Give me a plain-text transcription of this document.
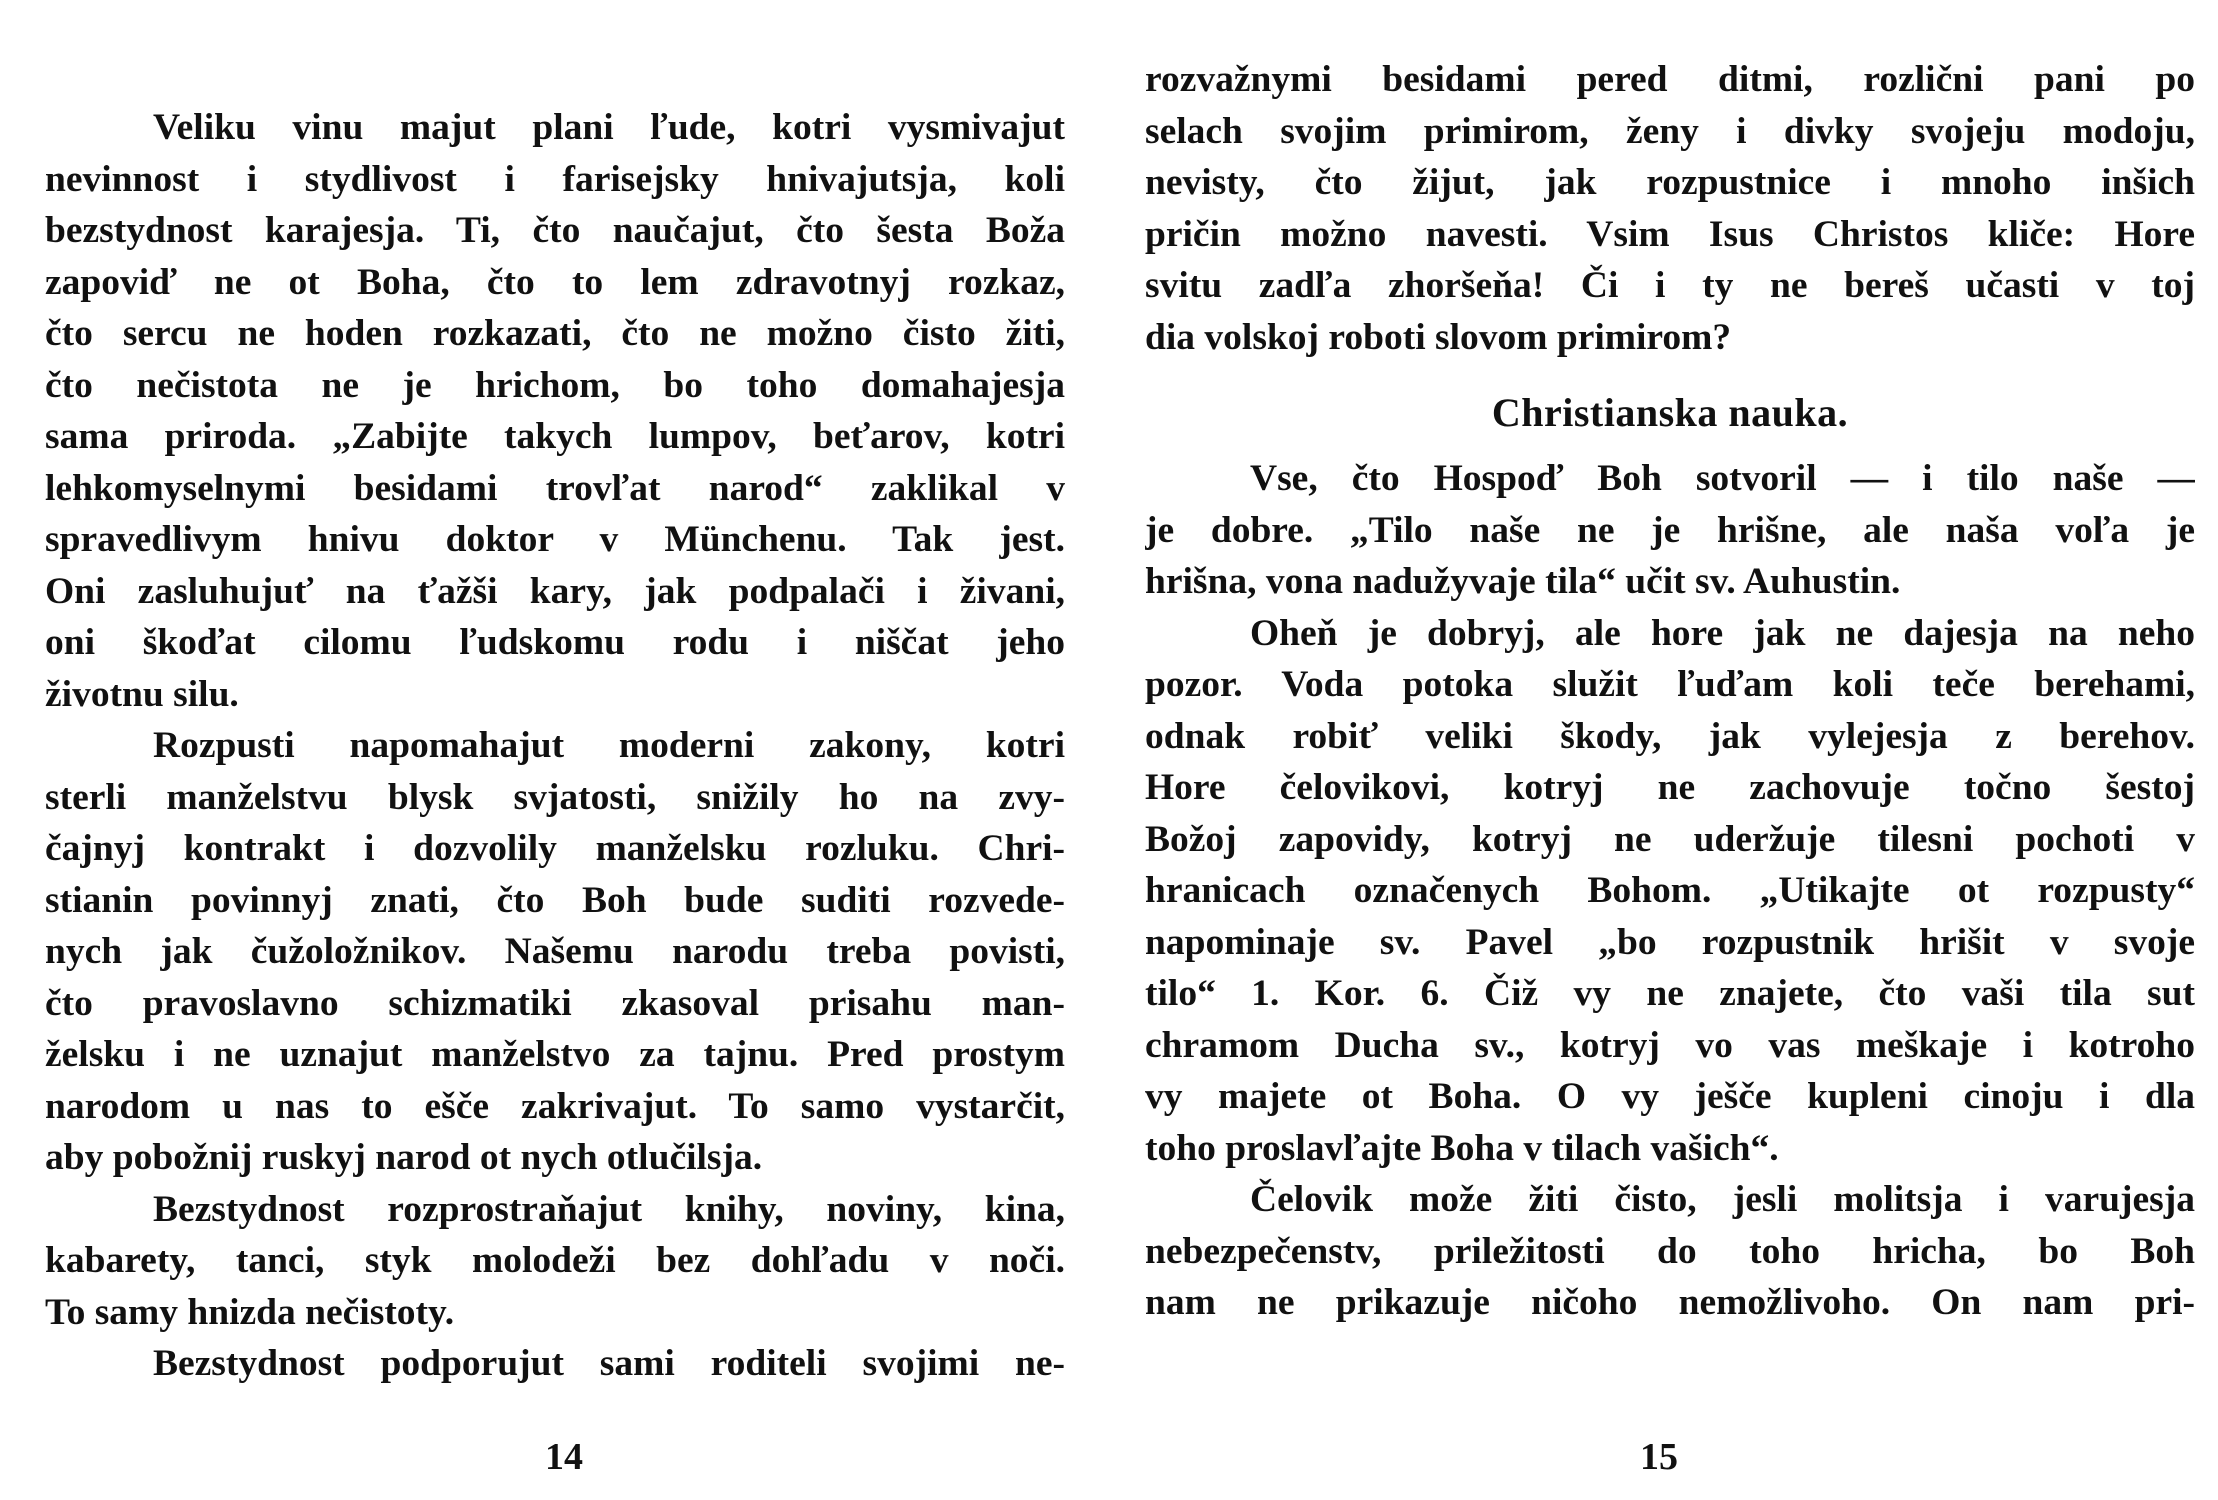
Veliku vinu majut plani ľude, kotri vysmivajut
nevinnost i stydlivost i farisejsky hnivajutsja, koli
bezstydnost karajesja. Ti, čto naučajut, čto šesta Boža
zapoviď ne ot Boha, čto to lem zdravotnyj rozkaz,
čto sercu ne hoden rozkazati, čto ne možno čisto žiti,
čto nečistota ne je hrichom, bo toho domahajesja
sama priroda. „Zabijte takych lumpov, beťarov, kotri
lehkomyselnymi besidami trovľat narod“ zaklikal v
spravedlivym hnivu doktor v Münchenu. Tak jest.
Oni zasluhujuť na ťažši kary, jak podpalači i živani,
oni škoďat cilomu ľudskomu rodu i niščat jeho
životnu silu.
Rozpusti napomahajut moderni zakony, kotri
sterli manželstvu blysk svjatosti, snižily ho na zvy-
čajnyj kontrakt i dozvolily manželsku rozluku. Chri-
stianin povinnyj znati, čto Boh bude suditi rozvede-
nych jak čužoložnikov. Našemu narodu treba povisti,
čto pravoslavno schizmatiki zkasoval prisahu man-
želsku i ne uznajut manželstvo za tajnu. Pred prostym
narodom u nas to eščе zakrivajut. To samo vystarčit,
aby pobožnij ruskyj narod ot nych otlučilsja.
Bezstydnost rozprostraňajut knihy, noviny, kina,
kabarety, tanci, styk molodeži bez dohľadu v noči.
To samy hnizda nečistoty.
Bezstydnost podporujut sami roditeli svojimi ne-
14
rozvažnymi besidami pered ditmi, rozlični pani po
selach svojim primirom, ženy i divky svojeju modoju,
nevisty, čto žijut, jak rozpustnice i mnoho inšich
pričin možno navesti. Vsim Isus Christos kliče: Hore
svitu zadľa zhoršeňa! Či i ty ne bereš učasti v toj
dia volskoj roboti slovom primirom?
Christianska nauka.
Vse, čto Hospoď Boh sotvoril — i tilo naše —
je dobre. „Tilo naše ne je hrišne, ale naša voľa je
hrišna, vona nadužyvaje tila“ učit sv. Auhustin.
Oheň je dobryj, ale hore jak ne dajesja na neho
pozor. Voda potoka služit ľuďam koli teče berehami,
odnak robiť veliki škody, jak vylejesja z berehov.
Hore čelovikovi, kotryj ne zachovuje točno šestoj
Božoj zapovidy, kotryj ne uderžuje tilesni pochoti v
hranicach označenych Bohom. „Utikajte ot rozpusty“
napominaje sv. Pavel „bo rozpustnik hrišit v svoje
tilo“ 1. Kor. 6. Čiž vy ne znajete, čto vaši tila sut
chramom Ducha sv., kotryj vo vas meškaje i kotroho
vy majete ot Boha. O vy ješčе kupleni cinoju i dla
toho proslavľajte Boha v tilach vašich“.
Čelovik može žiti čisto, jesli molitsja i varujesja
nebezpečenstv, priležitosti do toho hricha, bo Boh
nam ne prikazuje ničoho nemožlivoho. On nam pri-
15
